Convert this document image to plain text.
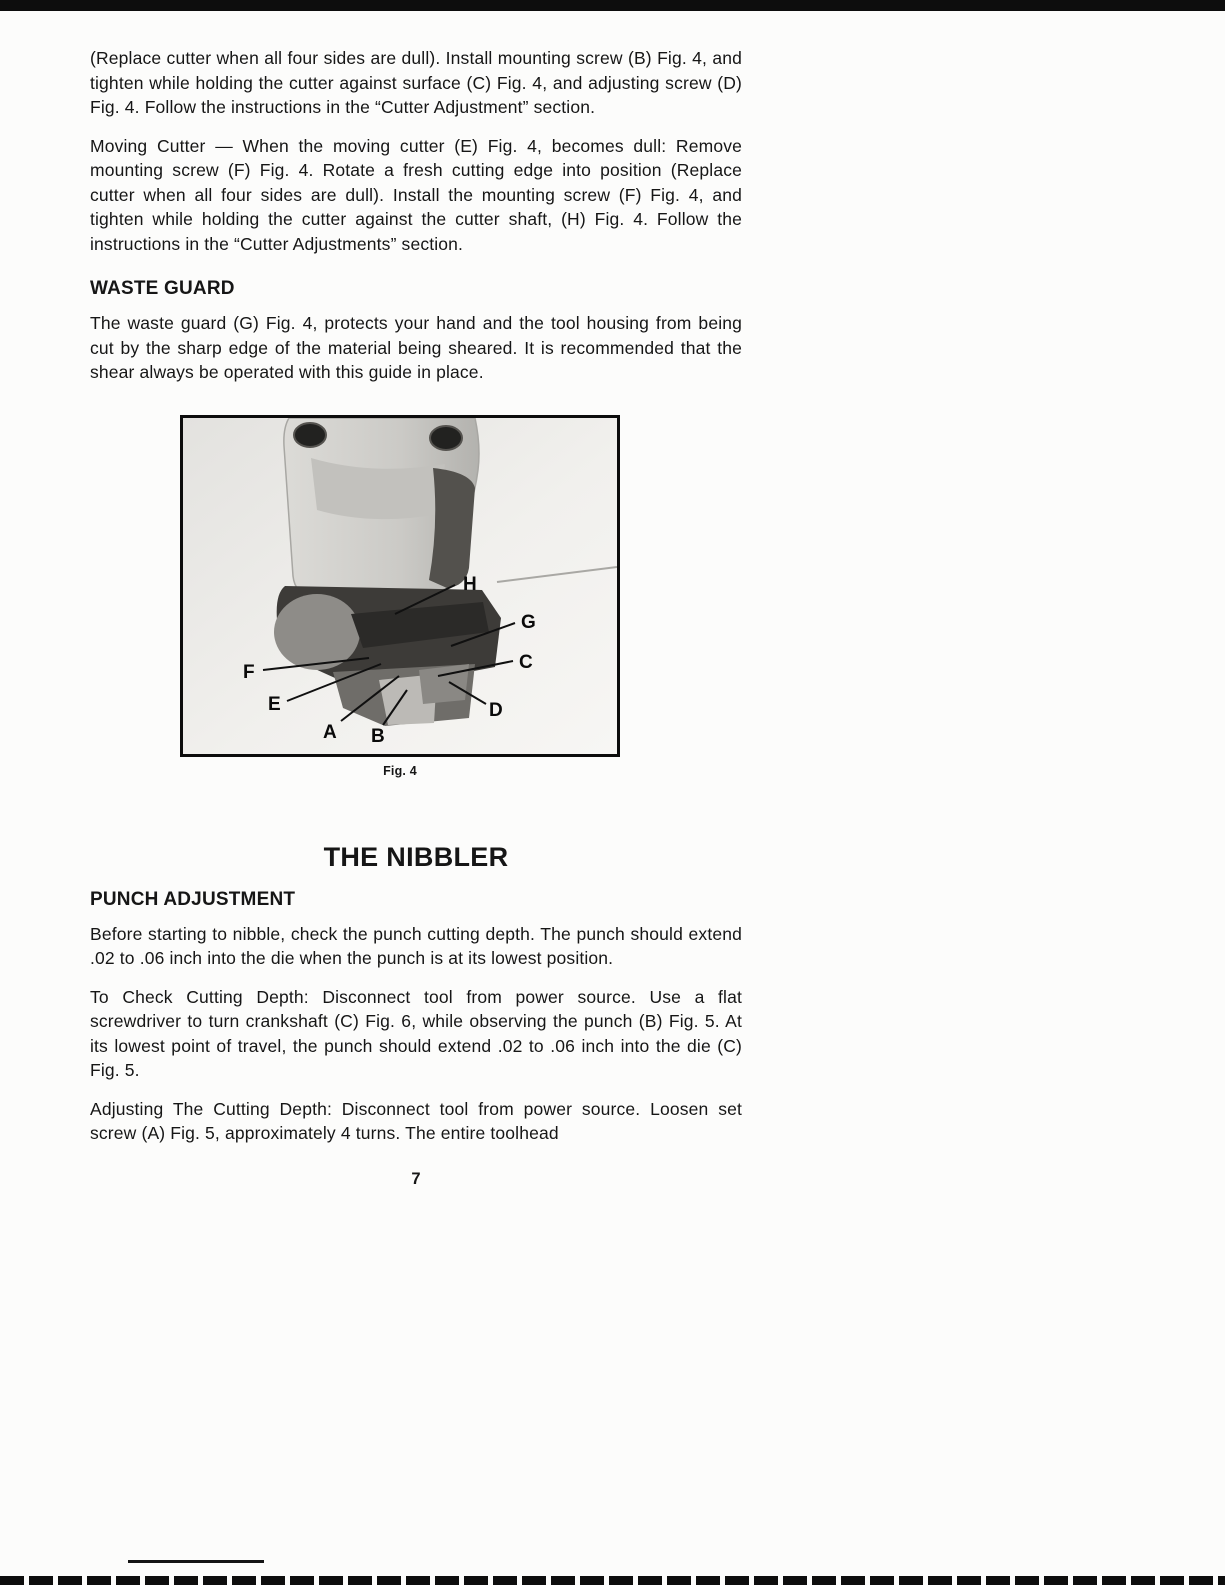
(Replace cutter when all four sides are dull). Install mounting screw (B) Fig. 4, and tighten while holding the cutter against surface (C) Fig. 4, and adjusting screw (D) Fig. 4. Follow the instructions in the “Cutter Adjustment” section.

Moving Cutter — When the moving cutter (E) Fig. 4, becomes dull: Remove mounting screw (F) Fig. 4. Rotate a fresh cutting edge into position (Replace cutter when all four sides are dull). Install the mounting screw (F) Fig. 4, and tighten while holding the cutter against the cutter shaft, (H) Fig. 4. Follow the instructions in the “Cutter Adjustments” section.

WASTE GUARD

The waste guard (G) Fig. 4, protects your hand and the tool housing from being cut by the sharp edge of the material being sheared. It is recommended that the shear always be operated with this guide in place.

H
G
C
F
E
A B
D
Fig. 4
THE NIBBLER
PUNCH ADJUSTMENT

Before starting to nibble, check the punch cutting depth. The punch should extend .02 to .06 inch into the die when the punch is at its lowest position.

To Check Cutting Depth: Disconnect tool from power source. Use a flat screwdriver to turn crankshaft (C) Fig. 6, while observing the punch (B) Fig. 5. At its lowest point of travel, the punch should extend .02 to .06 inch into the die (C) Fig. 5.

Adjusting The Cutting Depth: Disconnect tool from power source. Loosen set screw (A) Fig. 5, approximately 4 turns. The entire toolhead

7
